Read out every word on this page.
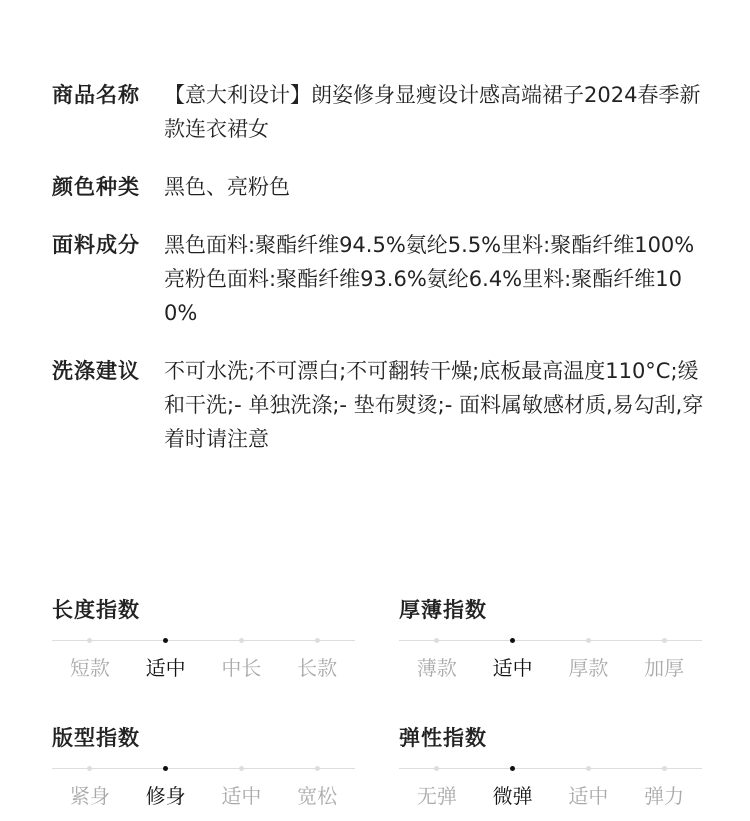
商品名称	【意大利设计】朗姿修身显瘦设计感高端裙子2024春季新款连衣裙女
颜色种类	黑色、亮粉色
面料成分	黑色面料:聚酯纤维94.5%氨纶5.5%里料:聚酯纤维100%
亮粉色面料:聚酯纤维93.6%氨纶6.4%里料:聚酯纤维100%
洗涤建议	不可水洗;不可漂白;不可翻转干燥;底板最高温度110°C;缓和干洗;- 单独洗涤;- 垫布熨烫;- 面料属敏感材质,易勾刮,穿着时请注意
长度指数
短款 适中 中长 长款
厚薄指数
薄款 适中 厚款 加厚
版型指数
紧身 修身 适中 宽松
弹性指数
无弹 微弹 适中 弹力
